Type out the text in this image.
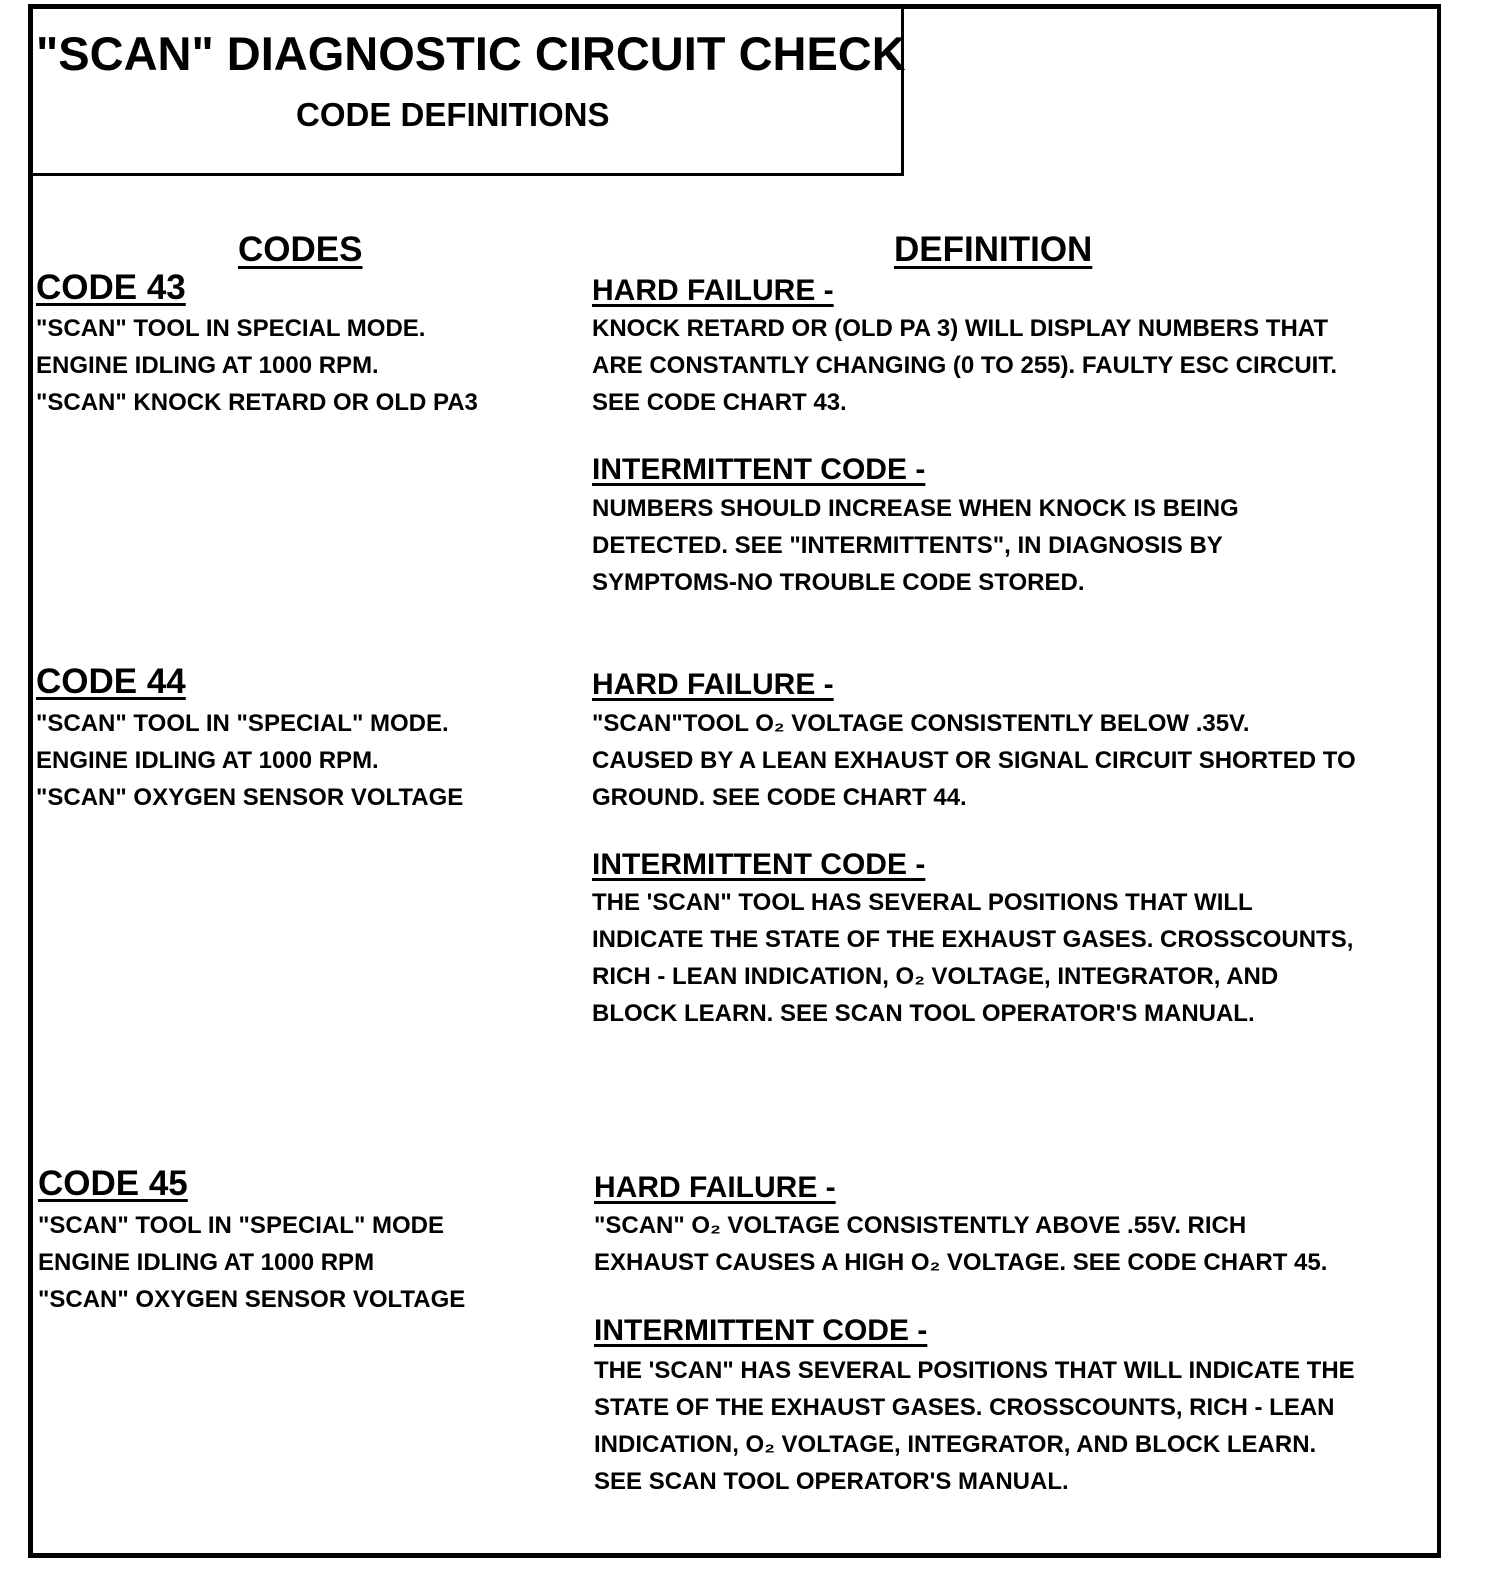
"SCAN" DIAGNOSTIC CIRCUIT CHECK
CODE DEFINITIONS
CODES	DEFINITION
CODE 43
"SCAN" TOOL IN SPECIAL MODE.
ENGINE IDLING AT 1000 RPM.
"SCAN" KNOCK RETARD OR OLD PA3
HARD FAILURE -
KNOCK RETARD OR (OLD PA 3) WILL DISPLAY NUMBERS THAT
ARE CONSTANTLY CHANGING (0 TO 255). FAULTY ESC CIRCUIT.
SEE CODE CHART 43.
INTERMITTENT CODE -
NUMBERS SHOULD INCREASE WHEN KNOCK IS BEING
DETECTED. SEE "INTERMITTENTS", IN DIAGNOSIS BY
SYMPTOMS-NO TROUBLE CODE STORED.
CODE 44
"SCAN" TOOL IN "SPECIAL" MODE.
ENGINE IDLING AT 1000 RPM.
"SCAN" OXYGEN SENSOR VOLTAGE
HARD FAILURE -
"SCAN"TOOL O₂ VOLTAGE CONSISTENTLY BELOW .35V.
CAUSED BY A LEAN EXHAUST OR SIGNAL CIRCUIT SHORTED TO
GROUND. SEE CODE CHART 44.
INTERMITTENT CODE -
THE 'SCAN" TOOL HAS SEVERAL POSITIONS THAT WILL
INDICATE THE STATE OF THE EXHAUST GASES. CROSSCOUNTS,
RICH - LEAN INDICATION, O₂ VOLTAGE, INTEGRATOR, AND
BLOCK LEARN. SEE SCAN TOOL OPERATOR'S MANUAL.
CODE 45
"SCAN" TOOL IN "SPECIAL" MODE
ENGINE IDLING AT 1000 RPM
"SCAN" OXYGEN SENSOR VOLTAGE
HARD FAILURE -
"SCAN" O₂ VOLTAGE CONSISTENTLY ABOVE .55V. RICH
EXHAUST CAUSES A HIGH O₂ VOLTAGE. SEE CODE CHART 45.
INTERMITTENT CODE -
THE 'SCAN" HAS SEVERAL POSITIONS THAT WILL INDICATE THE
STATE OF THE EXHAUST GASES. CROSSCOUNTS, RICH - LEAN
INDICATION, O₂ VOLTAGE, INTEGRATOR, AND BLOCK LEARN.
SEE SCAN TOOL OPERATOR'S MANUAL.
